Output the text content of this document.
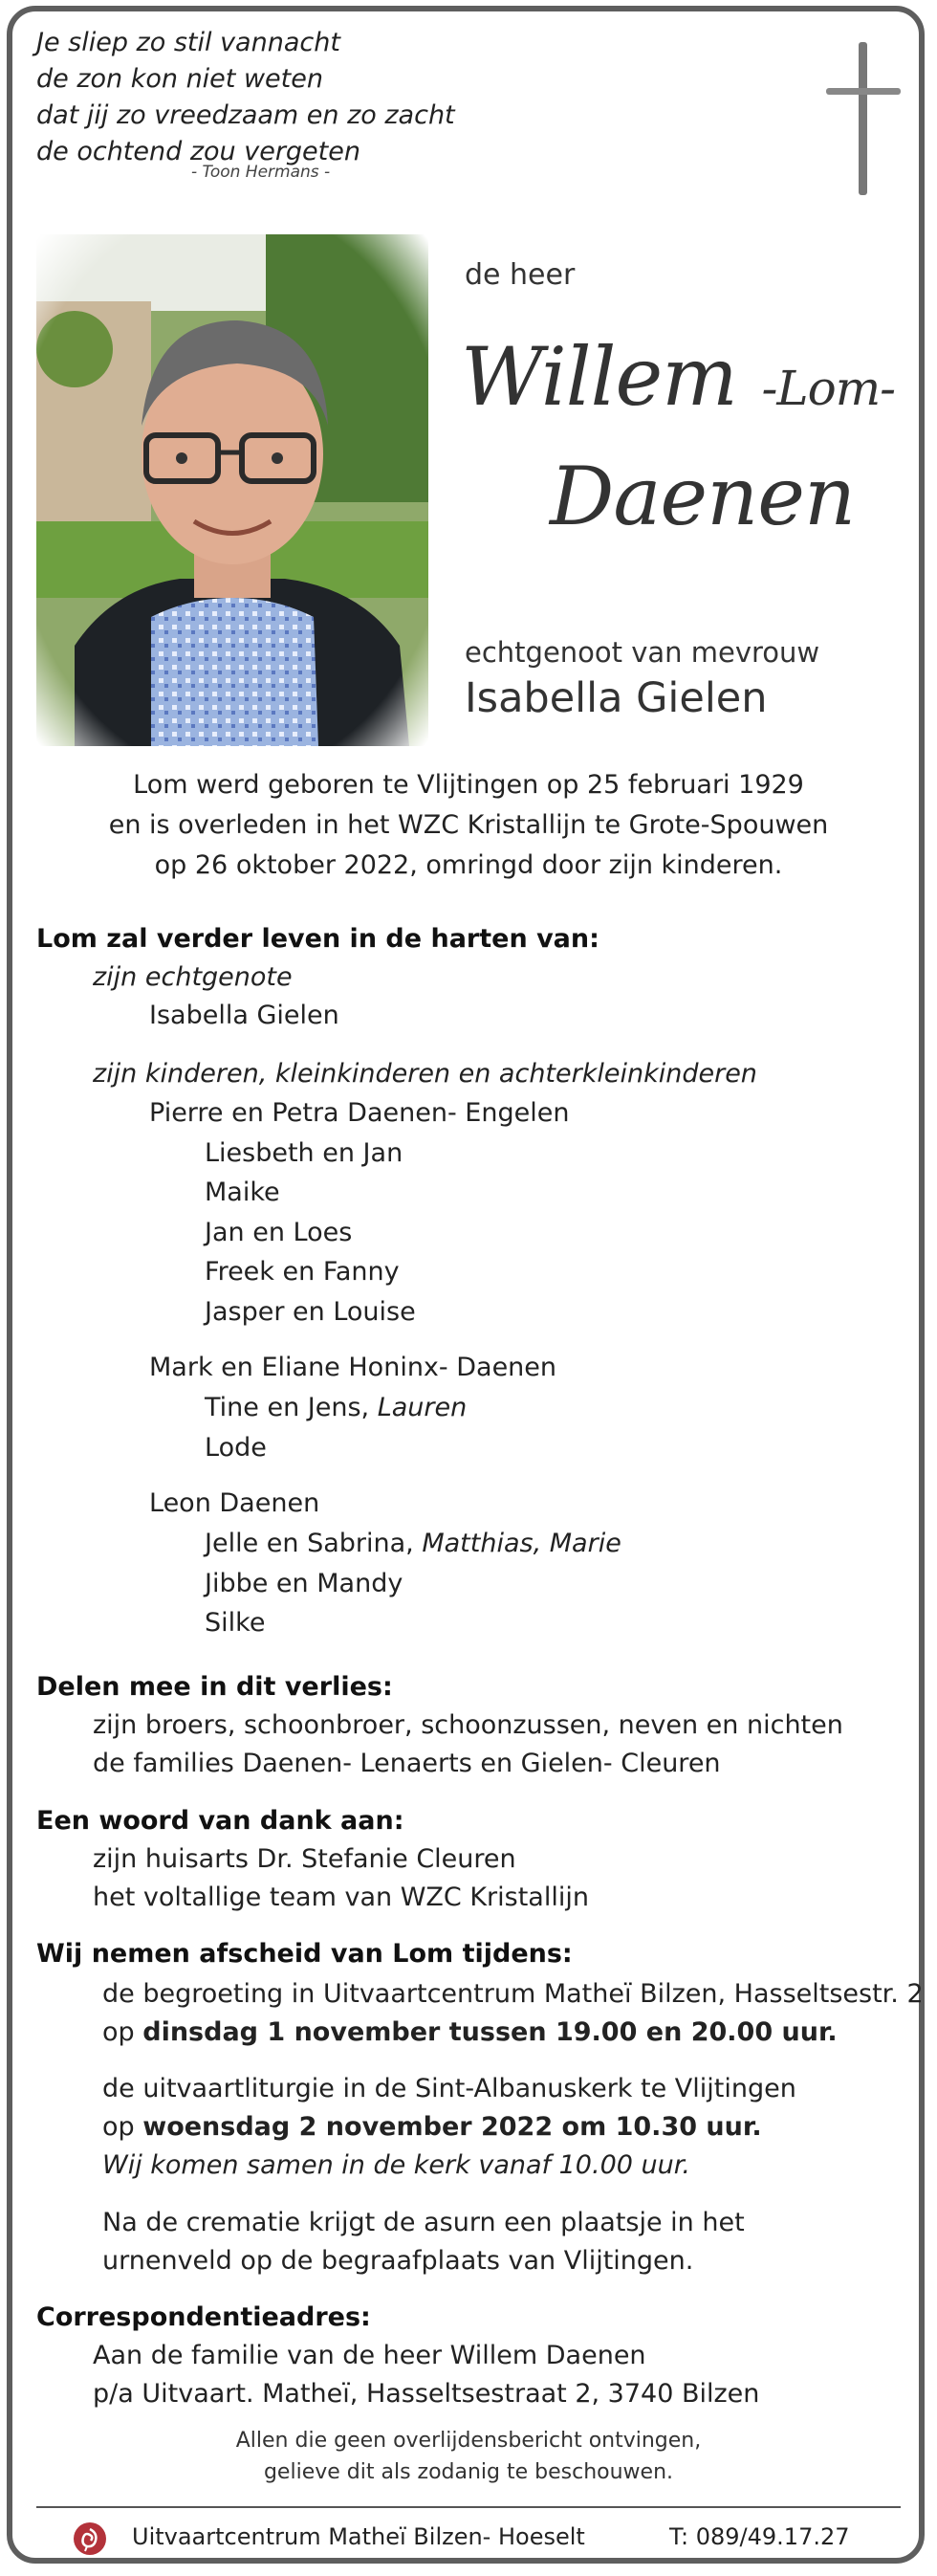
Je sliep zo stil vannacht
de zon kon niet weten
dat jij zo vreedzaam en zo zacht
de ochtend zou vergeten
- Toon Hermans -
de heer
Willem -Lom-
Daenen
echtgenoot van mevrouw
Isabella Gielen
Lom werd geboren te Vlijtingen op 25 februari 1929
en is overleden in het WZC Kristallijn te Grote-Spouwen
op 26 oktober 2022, omringd door zijn kinderen.
Lom zal verder leven in de harten van:
zijn echtgenote
Isabella Gielen
zijn kinderen, kleinkinderen en achterkleinkinderen
Pierre en Petra Daenen- Engelen
Liesbeth en Jan
Maike
Jan en Loes
Freek en Fanny
Jasper en Louise
Mark en Eliane Honinx- Daenen
Tine en Jens, Lauren
Lode
Leon Daenen
Jelle en Sabrina, Matthias, Marie
Jibbe en Mandy
Silke
Delen mee in dit verlies:
zijn broers, schoonbroer, schoonzussen, neven en nichten
de families Daenen- Lenaerts en Gielen- Cleuren
Een woord van dank aan:
zijn huisarts Dr. Stefanie Cleuren
het voltallige team van WZC Kristallijn
Wij nemen afscheid van Lom tijdens:
de begroeting in Uitvaartcentrum Matheï Bilzen, Hasseltsestr. 2
op dinsdag 1 november tussen 19.00 en 20.00 uur.
de uitvaartliturgie in de Sint-Albanuskerk te Vlijtingen
op woensdag 2 november 2022 om 10.30 uur.
Wij komen samen in de kerk vanaf 10.00 uur.
Na de crematie krijgt de asurn een plaatsje in het
urnenveld op de begraafplaats van Vlijtingen.
Correspondentieadres:
Aan de familie van de heer Willem Daenen
p/a Uitvaart. Matheï, Hasseltsestraat 2, 3740 Bilzen
Allen die geen overlijdensbericht ontvingen,
gelieve dit als zodanig te beschouwen.
Uitvaartcentrum Matheï Bilzen- Hoeselt	T: 089/49.17.27
